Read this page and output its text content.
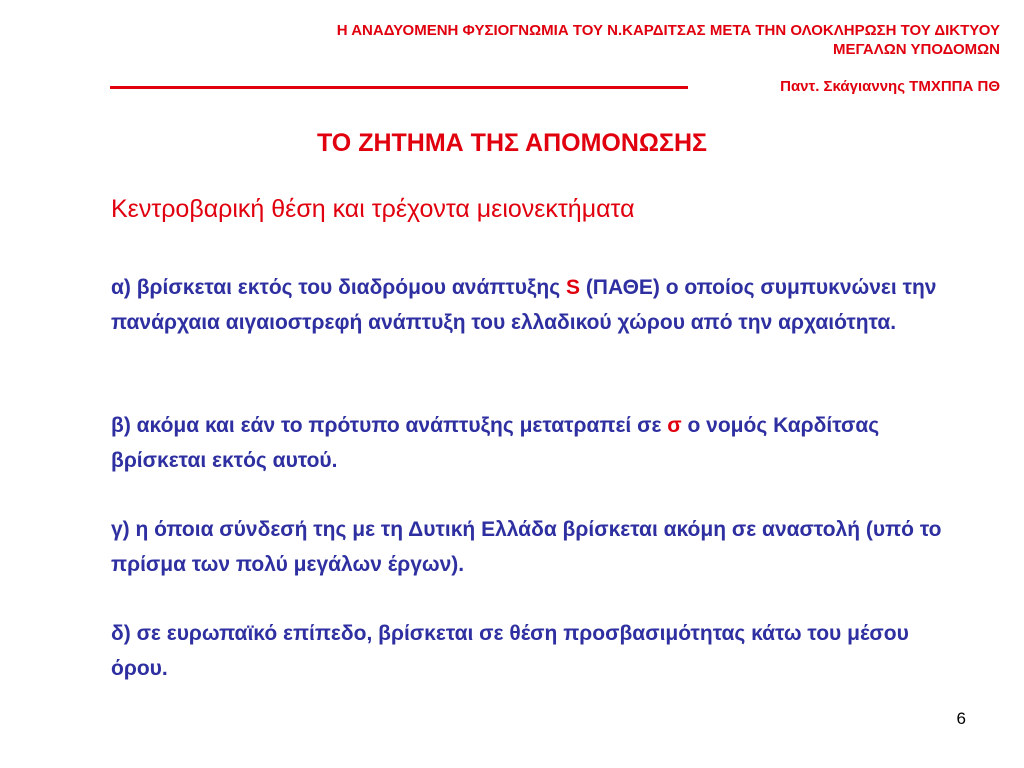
Η ΑΝΑΔΥΟΜΕΝΗ ΦΥΣΙΟΓΝΩΜΙΑ ΤΟΥ Ν.ΚΑΡΔΙΤΣΑΣ ΜΕΤΑ ΤΗΝ ΟΛΟΚΛΗΡΩΣΗ ΤΟΥ ΔΙΚΤΥΟΥ
ΜΕΓΑΛΩΝ ΥΠΟΔΟΜΩΝ
Παντ. Σκάγιαννης ΤΜΧΠΠΑ ΠΘ
ΤΟ ΖΗΤΗΜΑ ΤΗΣ ΑΠΟΜΟΝΩΣΗΣ
Κεντροβαρική θέση και τρέχοντα μειονεκτήματα
α) βρίσκεται εκτός του διαδρόμου ανάπτυξης S (ΠΑΘΕ) ο οποίος συμπυκνώνει την πανάρχαια αιγαιοστρεφή ανάπτυξη του ελλαδικού χώρου από την αρχαιότητα.
β) ακόμα και εάν το πρότυπο ανάπτυξης μετατραπεί σε σ ο νομός Καρδίτσας βρίσκεται εκτός αυτού.
γ) η όποια σύνδεσή της με τη Δυτική Ελλάδα βρίσκεται ακόμη σε αναστολή (υπό το πρίσμα των πολύ μεγάλων έργων).
δ) σε ευρωπαϊκό επίπεδο, βρίσκεται σε θέση προσβασιμότητας κάτω του μέσου όρου.
6
